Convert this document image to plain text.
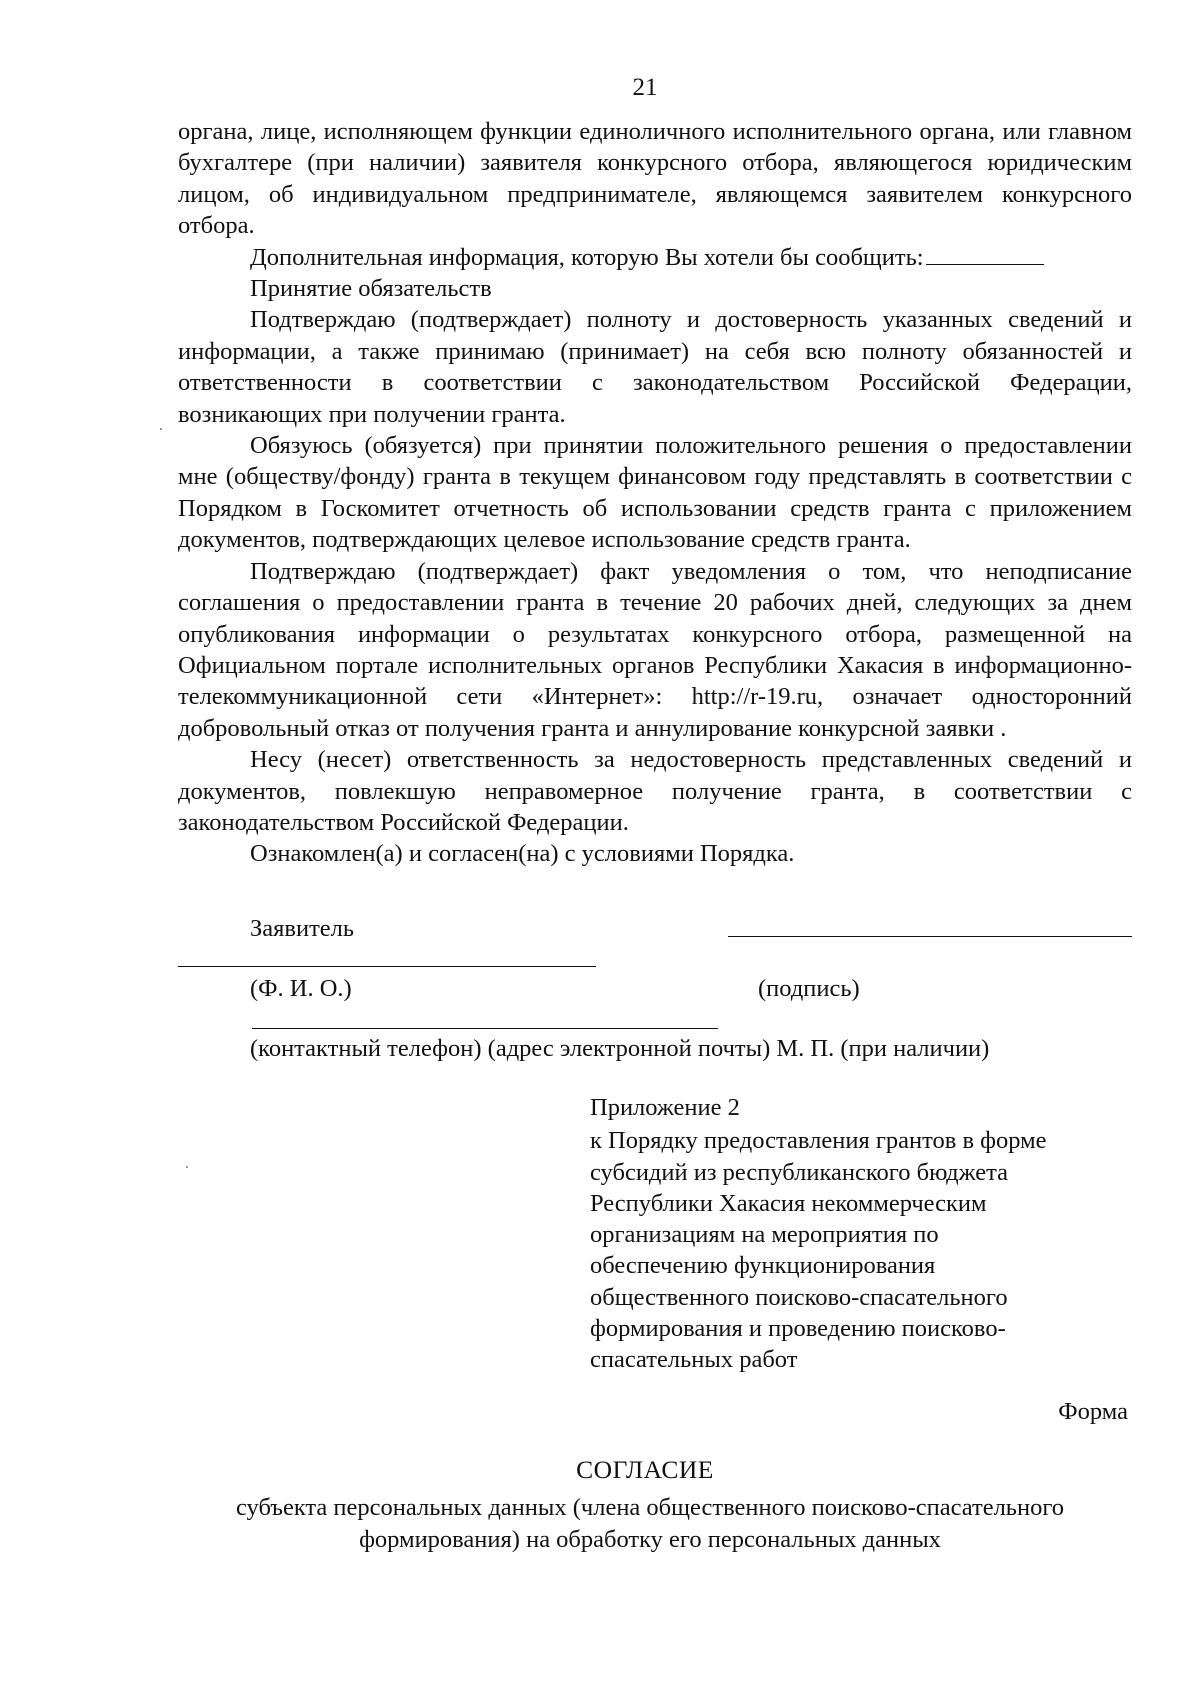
21

органа, лице, исполняющем функции единоличного исполнительного органа, или главном бухгалтере (при наличии) заявителя конкурсного отбора, являющегося юридическим лицом, об индивидуальном предпринимателе, являющемся заявителем конкурсного отбора.

Дополнительная информация, которую Вы хотели бы сообщить:

Принятие обязательств

Подтверждаю (подтверждает) полноту и достоверность указанных сведений и информации, а также принимаю (принимает) на себя всю полноту обязанностей и ответственности в соответствии с законодательством Российской Федерации, возникающих при получении гранта.

Обязуюсь (обязуется) при принятии положительного решения о предоставлении мне (обществу/фонду) гранта в текущем финансовом году представлять в соответствии с Порядком в Госкомитет отчетность об использовании средств гранта с приложением документов, подтверждающих целевое использование средств гранта.

Подтверждаю (подтверждает) факт уведомления о том, что неподписание соглашения о предоставлении гранта в течение 20 рабочих дней, следующих за днем опубликования информации о результатах конкурсного отбора, размещенной на Официальном портале исполнительных органов Республики Хакасия в информационно-телекоммуникационной сети «Интернет»: http://r-19.ru, означает односторонний добровольный отказ от получения гранта и аннулирование конкурсной заявки .

Несу (несет) ответственность за недостоверность представленных сведений и документов, повлекшую неправомерное получение гранта, в соответствии с законодательством Российской Федерации.

Ознакомлен(а) и согласен(на) с условиями Порядка.

Заявитель
(Ф. И. О.)	(подпись)
(контактный телефон) (адрес электронной почты) М. П. (при наличии)
Приложение 2
к Порядку предоставления грантов в форме
субсидий из республиканского бюджета
Республики Хакасия некоммерческим
организациям на мероприятия по
обеспечению функционирования
общественного поисково-спасательного
формирования и проведению поисково-
спасательных работ
Форма
СОГЛАСИЕ
субъекта персональных данных (члена общественного поисково-спасательного формирования) на обработку его персональных данных
